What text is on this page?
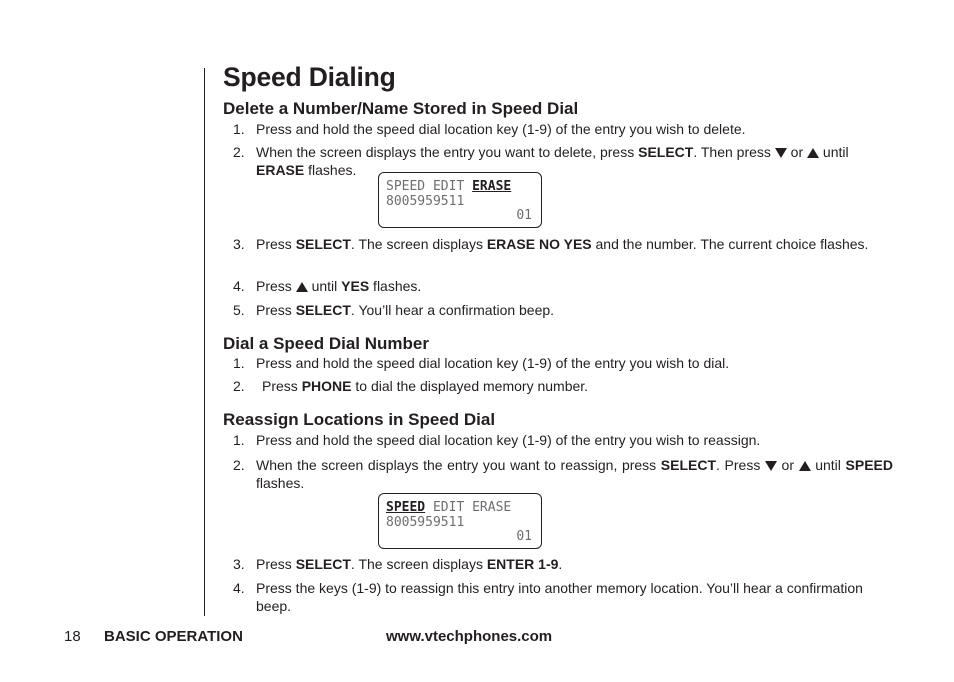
Speed Dialing
Delete a Number/Name Stored in Speed Dial
1. Press and hold the speed dial location key (1-9) of the entry you wish to delete.
2. When the screen displays the entry you want to delete, press SELECT. Then press  or  until ERASE flashes.
SPEED EDIT ERASE
8005959511
01
3. Press SELECT. The screen displays ERASE NO YES and the number. The current choice flashes.
4. Press  until YES flashes.
5. Press SELECT. You’ll hear a confirmation beep.
Dial a Speed Dial Number
1. Press and hold the speed dial location key (1-9) of the entry you wish to dial.
2. Press PHONE to dial the displayed memory number.
Reassign Locations in Speed Dial
1. Press and hold the speed dial location key (1-9) of the entry you wish to reassign.
2. When the screen displays the entry you want to reassign, press SELECT. Press  or  until SPEED flashes.
SPEED EDIT ERASE
8005959511
01
3. Press SELECT. The screen displays ENTER 1-9.
4. Press the keys (1-9) to reassign this entry into another memory location. You’ll hear a confirmation beep.
18 BASIC OPERATION	www.vtechphones.com
